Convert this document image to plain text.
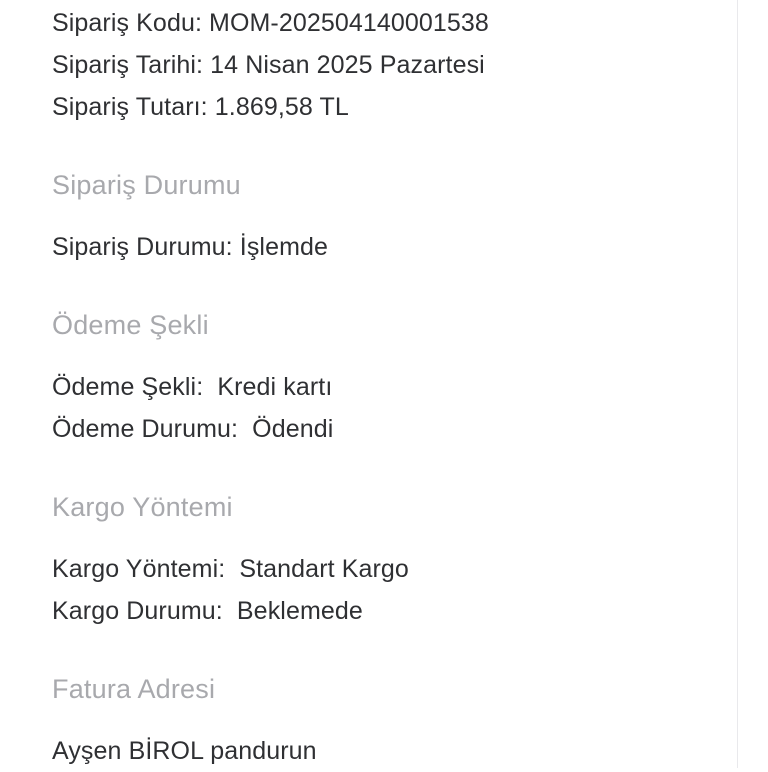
Sipariş Kodu: MOM-202504140001538
Sipariş Tarihi: 14 Nisan 2025 Pazartesi
Sipariş Tutarı: 1.869,58 TL
Sipariş Durumu
Sipariş Durumu: İşlemde
Ödeme Şekli
Ödeme Şekli:  Kredi kartı
Ödeme Durumu:  Ödendi
Kargo Yöntemi
Kargo Yöntemi:  Standart Kargo
Kargo Durumu:  Beklemede
Fatura Adresi
Ayşen BİROL pandurun
